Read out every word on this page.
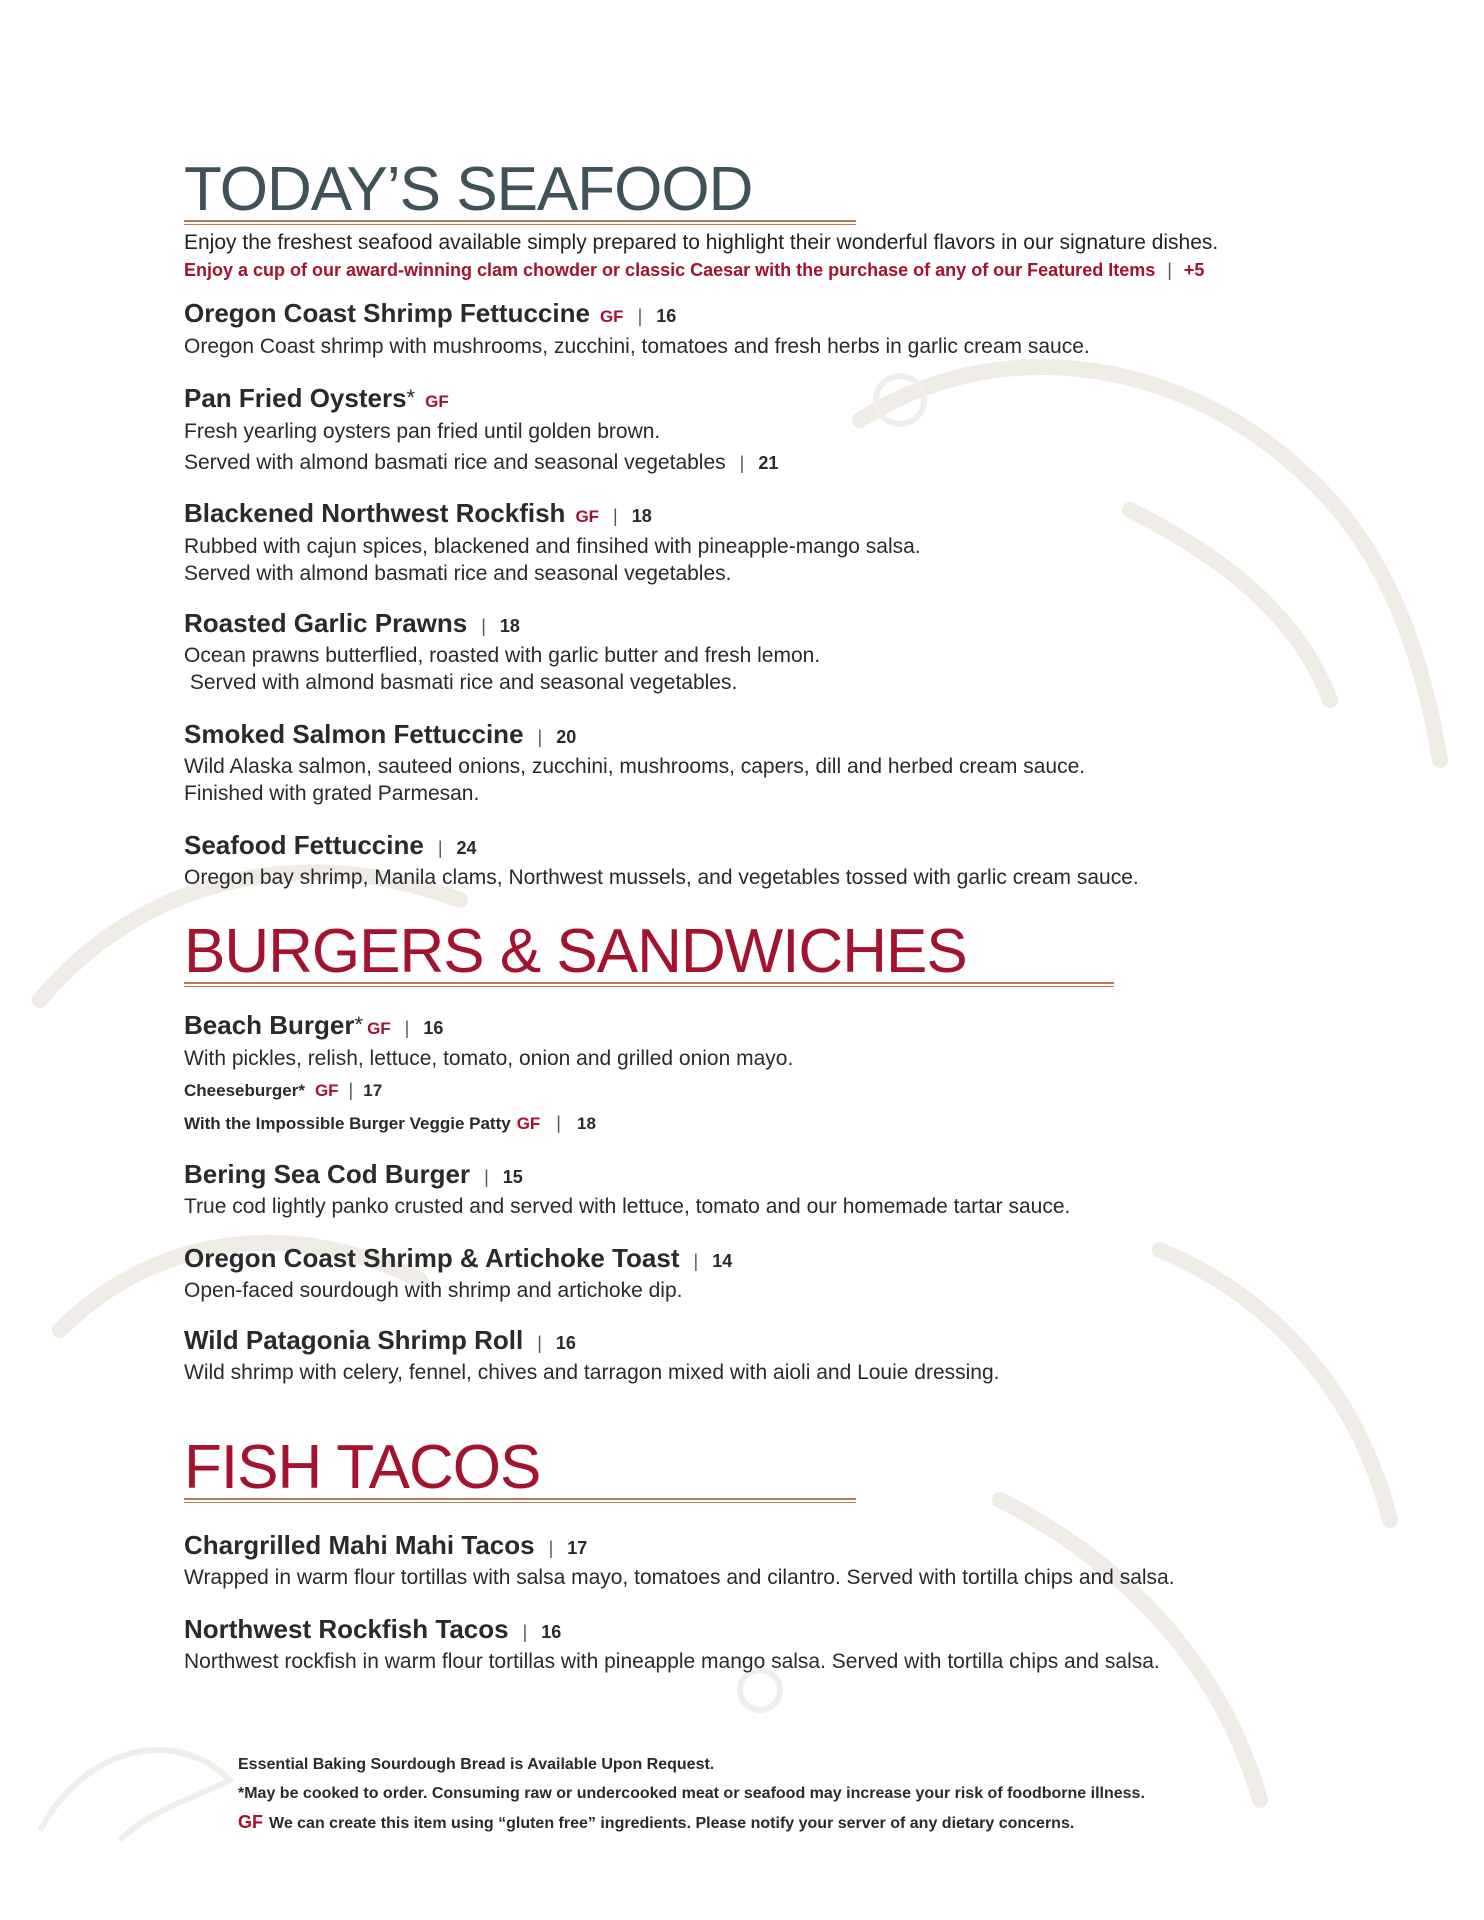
TODAY’S SEAFOOD
Enjoy the freshest seafood available simply prepared to highlight their wonderful flavors in our signature dishes.
Enjoy a cup of our award-winning clam chowder or classic Caesar with the purchase of any of our Featured Items | +5
Oregon Coast Shrimp Fettuccine GF | 16
Oregon Coast shrimp with mushrooms, zucchini, tomatoes and fresh herbs in garlic cream sauce.
Pan Fried Oysters* GF
Fresh yearling oysters pan fried until golden brown.
Served with almond basmati rice and seasonal vegetables | 21
Blackened Northwest Rockfish GF | 18
Rubbed with cajun spices, blackened and finsihed with pineapple-mango salsa.
Served with almond basmati rice and seasonal vegetables.
Roasted Garlic Prawns | 18
Ocean prawns butterflied, roasted with garlic butter and fresh lemon.
Served with almond basmati rice and seasonal vegetables.
Smoked Salmon Fettuccine | 20
Wild Alaska salmon, sauteed onions, zucchini, mushrooms, capers, dill and herbed cream sauce.
Finished with grated Parmesan.
Seafood Fettuccine | 24
Oregon bay shrimp, Manila clams, Northwest mussels, and vegetables tossed with garlic cream sauce.
BURGERS & SANDWICHES
Beach Burger* GF | 16
With pickles, relish, lettuce, tomato, onion and grilled onion mayo.
Cheeseburger* GF | 17
With the Impossible Burger Veggie Patty GF | 18
Bering Sea Cod Burger | 15
True cod lightly panko crusted and served with lettuce, tomato and our homemade tartar sauce.
Oregon Coast Shrimp & Artichoke Toast | 14
Open-faced sourdough with shrimp and artichoke dip.
Wild Patagonia Shrimp Roll | 16
Wild shrimp with celery, fennel, chives and tarragon mixed with aioli and Louie dressing.
FISH TACOS
Chargrilled Mahi Mahi Tacos | 17
Wrapped in warm flour tortillas with salsa mayo, tomatoes and cilantro. Served with tortilla chips and salsa.
Northwest Rockfish Tacos | 16
Northwest rockfish in warm flour tortillas with pineapple mango salsa. Served with tortilla chips and salsa.
Essential Baking Sourdough Bread is Available Upon Request.
*May be cooked to order. Consuming raw or undercooked meat or seafood may increase your risk of foodborne illness.
GF We can create this item using “gluten free” ingredients. Please notify your server of any dietary concerns.
